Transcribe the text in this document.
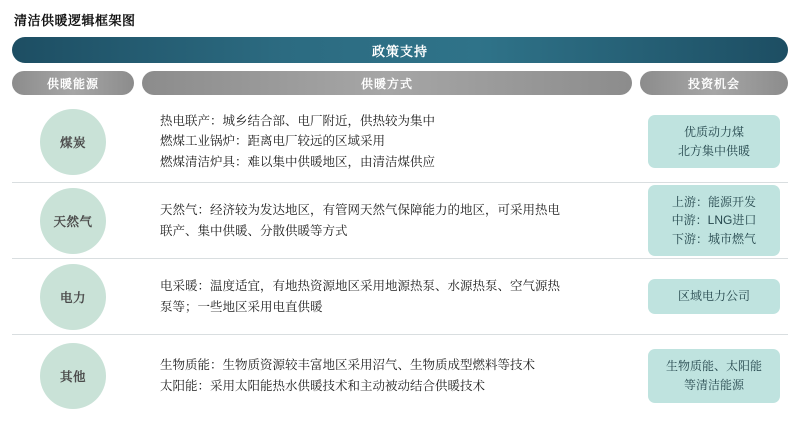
清洁供暖逻辑框架图
政策支持
供暖能源	供暖方式	投资机会
煤炭
热电联产：城乡结合部、电厂附近，供热较为集中
燃煤工业锅炉：距离电厂较远的区域采用
燃煤清洁炉具：难以集中供暖地区，由清洁煤供应
优质动力煤
北方集中供暖
天然气
天然气：经济较为发达地区，有管网天然气保障能力的地区，可采用热电
联产、集中供暖、分散供暖等方式
上游：能源开发
中游：LNG进口
下游：城市燃气
电力
电采暖：温度适宜，有地热资源地区采用地源热泵、水源热泵、空气源热
泵等；一些地区采用电直供暖
区域电力公司
其他
生物质能：生物质资源较丰富地区采用沼气、生物质成型燃料等技术
太阳能：采用太阳能热水供暖技术和主动被动结合供暖技术
生物质能、太阳能
等清洁能源
